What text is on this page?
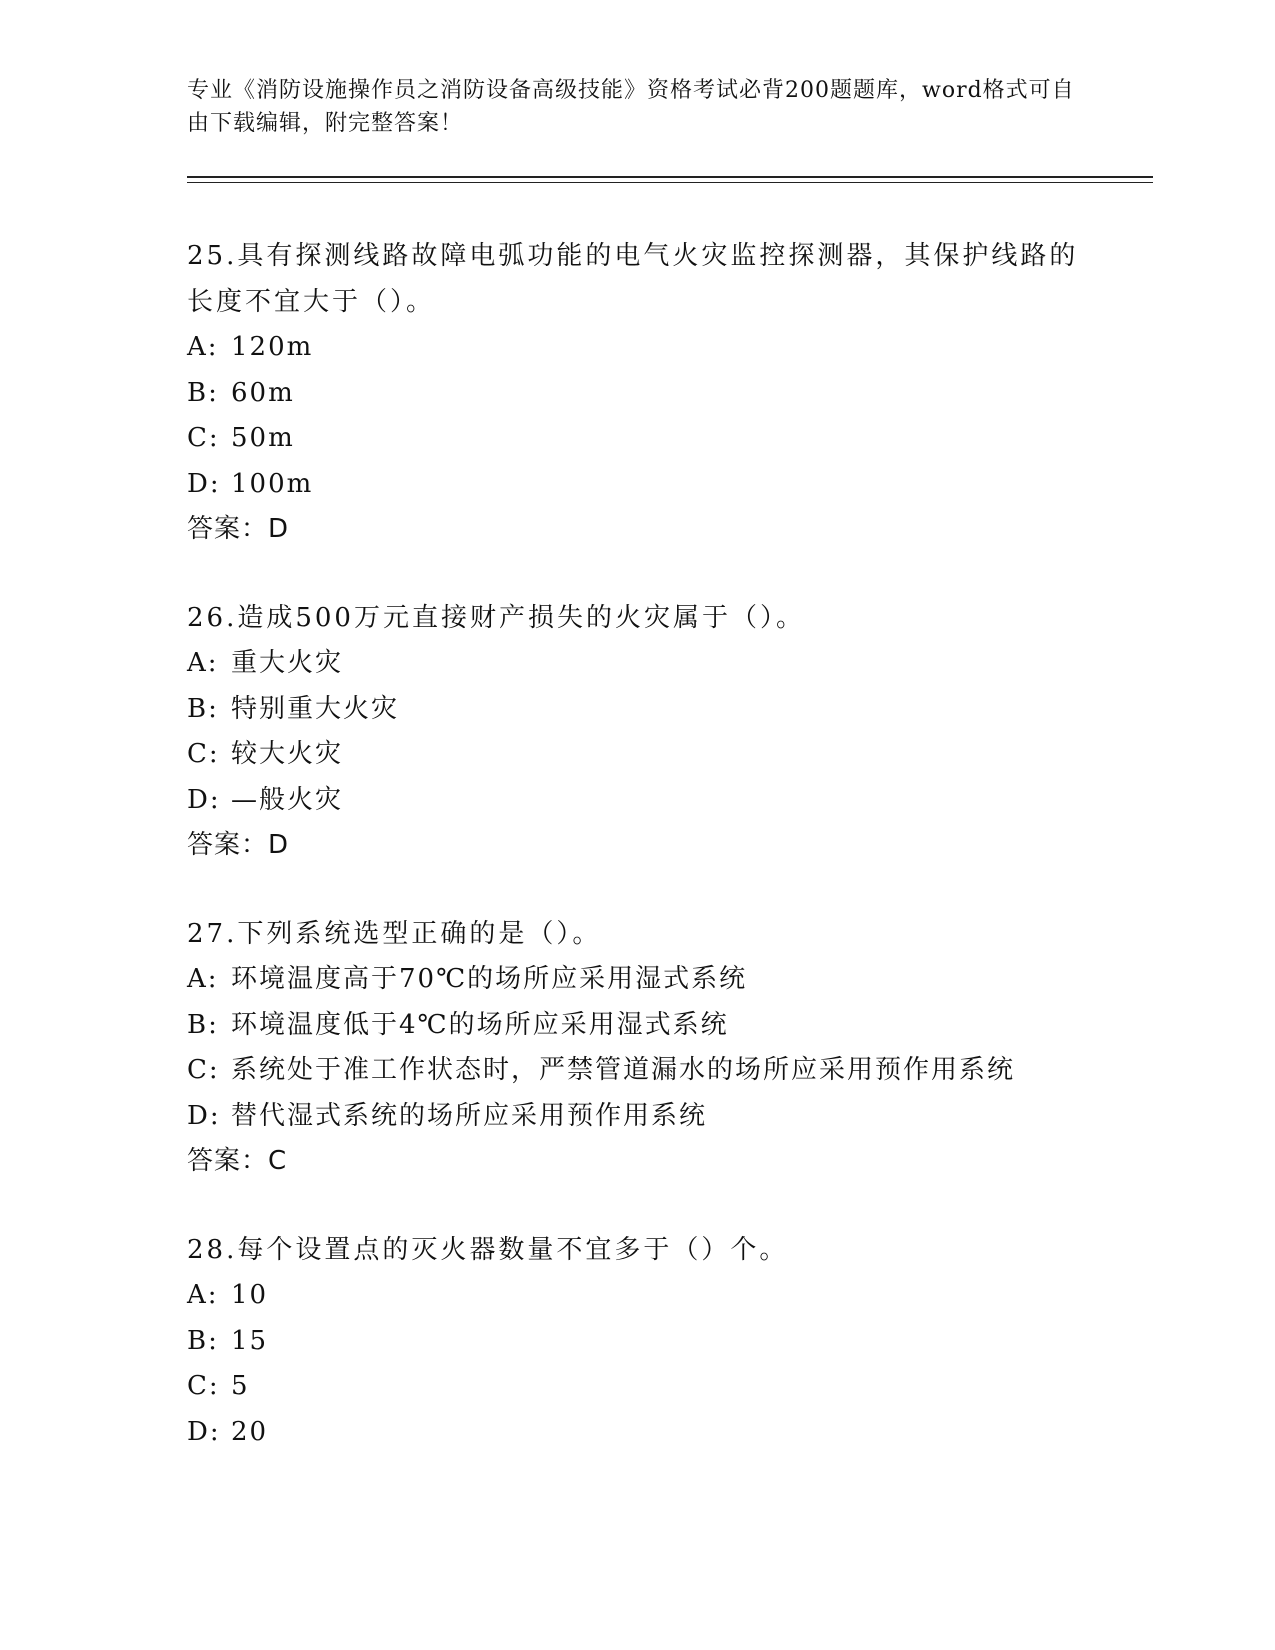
专业《消防设施操作员之消防设备高级技能》资格考试必背200题题库，word格式可自由下载编辑，附完整答案！
25.具有探测线路故障电弧功能的电气火灾监控探测器，其保护线路的长度不宜大于（）。
A: 120m
B: 60m
C: 50m
D: 100m
答案：D
26.造成500万元直接财产损失的火灾属于（）。
A: 重大火灾
B: 特别重大火灾
C: 较大火灾
D: —般火灾
答案：D
27.下列系统选型正确的是（）。
A: 环境温度高于70℃的场所应采用湿式系统
B: 环境温度低于4℃的场所应采用湿式系统
C: 系统处于准工作状态时，严禁管道漏水的场所应采用预作用系统
D: 替代湿式系统的场所应采用预作用系统
答案：C
28.每个设置点的灭火器数量不宜多于（）个。
A: 10
B: 15
C: 5
D: 20
